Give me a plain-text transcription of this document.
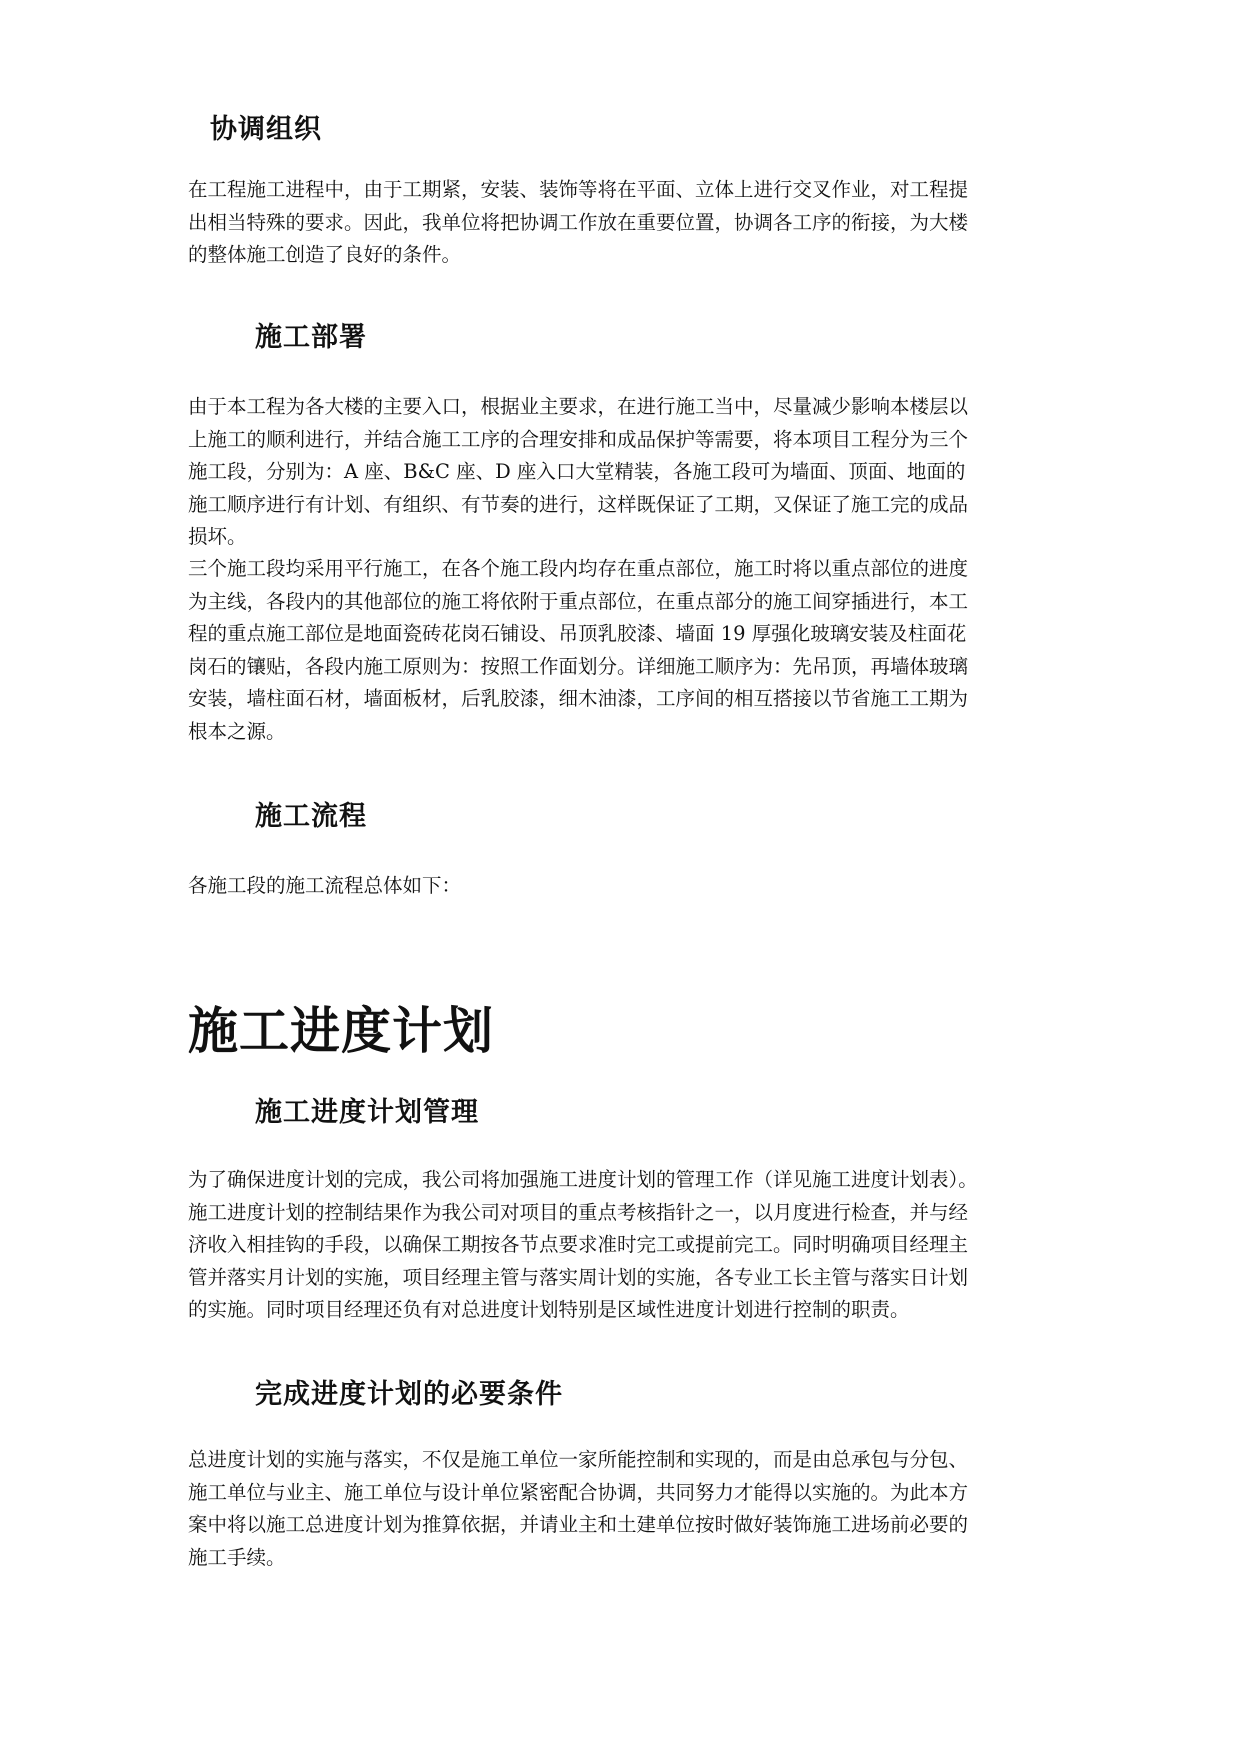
协调组织
在工程施工进程中，由于工期紧，安装、装饰等将在平面、立体上进行交叉作业，对工程提
出相当特殊的要求。因此，我单位将把协调工作放在重要位置，协调各工序的衔接，为大楼
的整体施工创造了良好的条件。
施工部署
由于本工程为各大楼的主要入口，根据业主要求，在进行施工当中，尽量减少影响本楼层以
上施工的顺利进行，并结合施工工序的合理安排和成品保护等需要，将本项目工程分为三个
施工段，分别为：A 座、B&C 座、D 座入口大堂精装，各施工段可为墙面、顶面、地面的
施工顺序进行有计划、有组织、有节奏的进行，这样既保证了工期，又保证了施工完的成品
损坏。
三个施工段均采用平行施工，在各个施工段内均存在重点部位，施工时将以重点部位的进度
为主线，各段内的其他部位的施工将依附于重点部位，在重点部分的施工间穿插进行，本工
程的重点施工部位是地面瓷砖花岗石铺设、吊顶乳胶漆、墙面 19 厚强化玻璃安装及柱面花
岗石的镶贴，各段内施工原则为：按照工作面划分。详细施工顺序为：先吊顶，再墙体玻璃
安装，墙柱面石材，墙面板材，后乳胶漆，细木油漆，工序间的相互搭接以节省施工工期为
根本之源。
施工流程
各施工段的施工流程总体如下：
施工进度计划
施工进度计划管理
为了确保进度计划的完成，我公司将加强施工进度计划的管理工作（详见施工进度计划表）。
施工进度计划的控制结果作为我公司对项目的重点考核指针之一，以月度进行检查，并与经
济收入相挂钩的手段，以确保工期按各节点要求准时完工或提前完工。同时明确项目经理主
管并落实月计划的实施，项目经理主管与落实周计划的实施，各专业工长主管与落实日计划
的实施。同时项目经理还负有对总进度计划特别是区域性进度计划进行控制的职责。
完成进度计划的必要条件
总进度计划的实施与落实，不仅是施工单位一家所能控制和实现的，而是由总承包与分包、
施工单位与业主、施工单位与设计单位紧密配合协调，共同努力才能得以实施的。为此本方
案中将以施工总进度计划为推算依据，并请业主和土建单位按时做好装饰施工进场前必要的
施工手续。
